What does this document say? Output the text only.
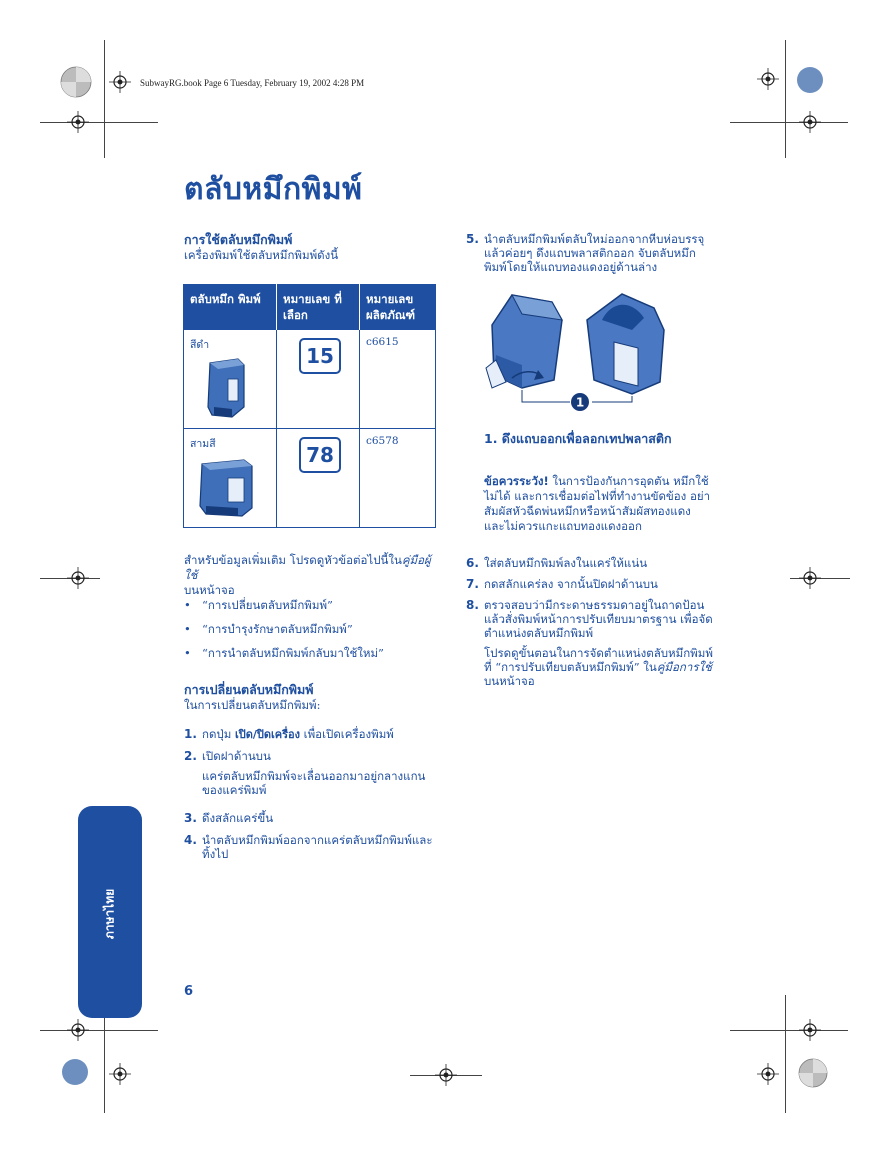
SubwayRG.book Page 6 Tuesday, February 19, 2002 4:28 PM
ตลับหมึกพิมพ์
การใช้ตลับหมึกพิมพ์
เครื่องพิมพ์ใช้ตลับหมึกพิมพ์ดังนี้
ตลับหมึก พิมพ์	หมายเลข ที่เลือก	หมายเลข ผลิตภัณฑ์

สีดำ	15	c6615

สามสี	78	c6578
สำหรับข้อมูลเพิ่มเติม โปรดดูหัวข้อต่อไปนี้ในคู่มือผู้ใช้
บนหน้าจอ
• “การเปลี่ยนตลับหมึกพิมพ์”
• “การบำรุงรักษาตลับหมึกพิมพ์”
• “การนำตลับหมึกพิมพ์กลับมาใช้ใหม่”
การเปลี่ยนตลับหมึกพิมพ์
ในการเปลี่ยนตลับหมึกพิมพ์:
1. กดปุ่ม เปิด/ปิดเครื่อง เพื่อเปิดเครื่องพิมพ์
2. เปิดฝาด้านบน
แคร่ตลับหมึกพิมพ์จะเลื่อนออกมาอยู่กลางแกนของแคร่พิมพ์
3. ดึงสลักแคร่ขึ้น
4. นำตลับหมึกพิมพ์ออกจากแคร่ตลับหมึกพิมพ์และทิ้งไป
5. นำตลับหมึกพิมพ์ตลับใหม่ออกจากหีบห่อบรรจุ แล้วค่อยๆ ดึงแถบพลาสติกออก จับตลับหมึกพิมพ์โดยให้แถบทองแดงอยู่ด้านล่าง
1
1. ดึงแถบออกเพื่อลอกเทปพลาสติก
ข้อควรระวัง! ในการป้องกันการอุดตัน หมึกใช้ไม่ได้ และการเชื่อมต่อไฟที่ทำงานขัดข้อง อย่าสัมผัสหัวฉีดพ่นหมึกหรือหน้าสัมผัสทองแดง และไม่ควรแกะแถบทองแดงออก
6. ใส่ตลับหมึกพิมพ์ลงในแคร่ให้แน่น
7. กดสลักแคร่ลง จากนั้นปิดฝาด้านบน
8. ตรวจสอบว่ามีกระดาษธรรมดาอยู่ในถาดป้อน แล้วสั่งพิมพ์หน้าการปรับเทียบมาตรฐาน เพื่อจัดตำแหน่งตลับหมึกพิมพ์
โปรดดูขั้นตอนในการจัดตำแหน่งตลับหมึกพิมพ์ที่ “การปรับเทียบตลับหมึกพิมพ์” ในคู่มือการใช้
บนหน้าจอ
ภาษาไทย
6
